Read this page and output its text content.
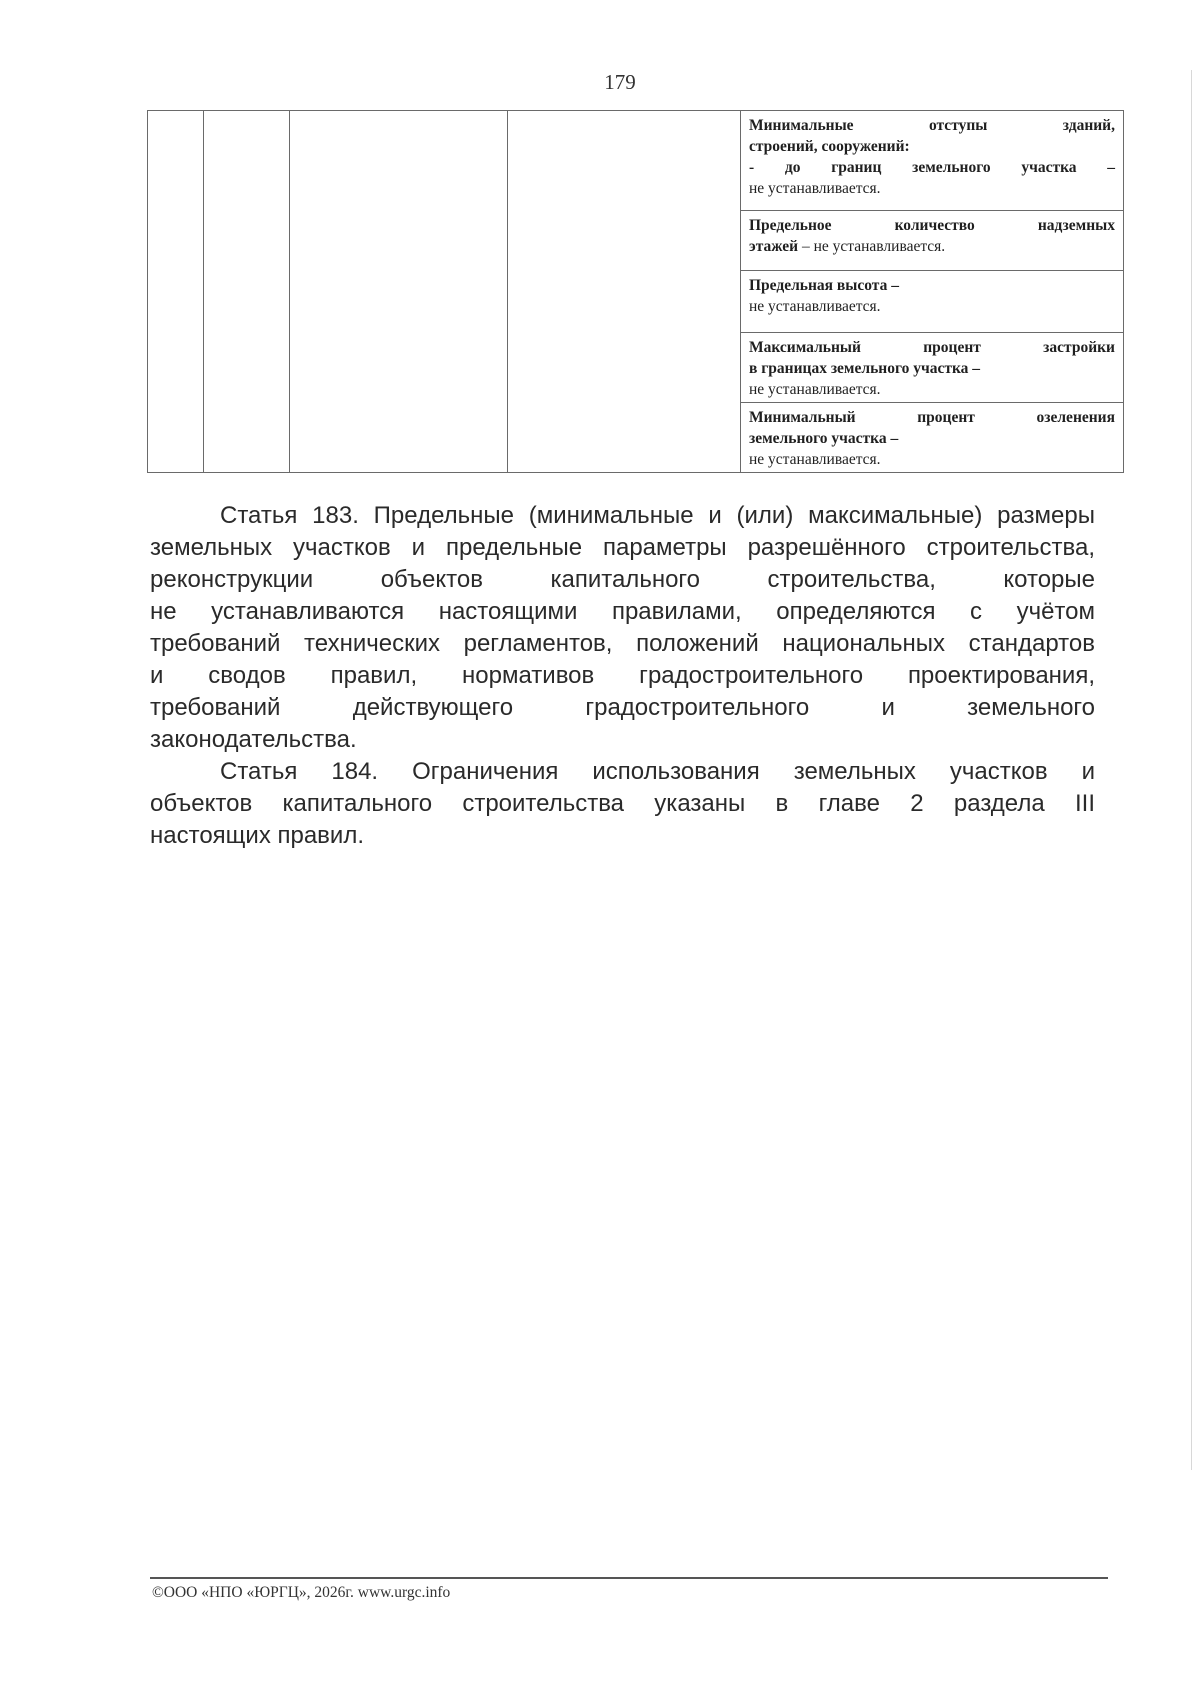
179

Минимальные отступы зданий,
строений, сооружений:
- до границ земельного участка –
не устанавливается.

Предельное количество надземных
этажей – не устанавливается.

Предельная высота –
не устанавливается.

Максимальный процент застройки
в границах земельного участка –
не устанавливается.

Минимальный процент озеленения
земельного участка –
не устанавливается.
Статья 183. Предельные (минимальные и (или) максимальные) размеры
земельных участков и предельные параметры разрешённого строительства,
реконструкции объектов капитального строительства, которые
не устанавливаются настоящими правилами, определяются с учётом
требований технических регламентов, положений национальных стандартов
и сводов правил, нормативов градостроительного проектирования,
требований действующего градостроительного и земельного
законодательства.
Статья 184. Ограничения использования земельных участков и
объектов капитального строительства указаны в главе 2 раздела III
настоящих правил.
©ООО «НПО «ЮРГЦ», 2026г. www.urgc.info
